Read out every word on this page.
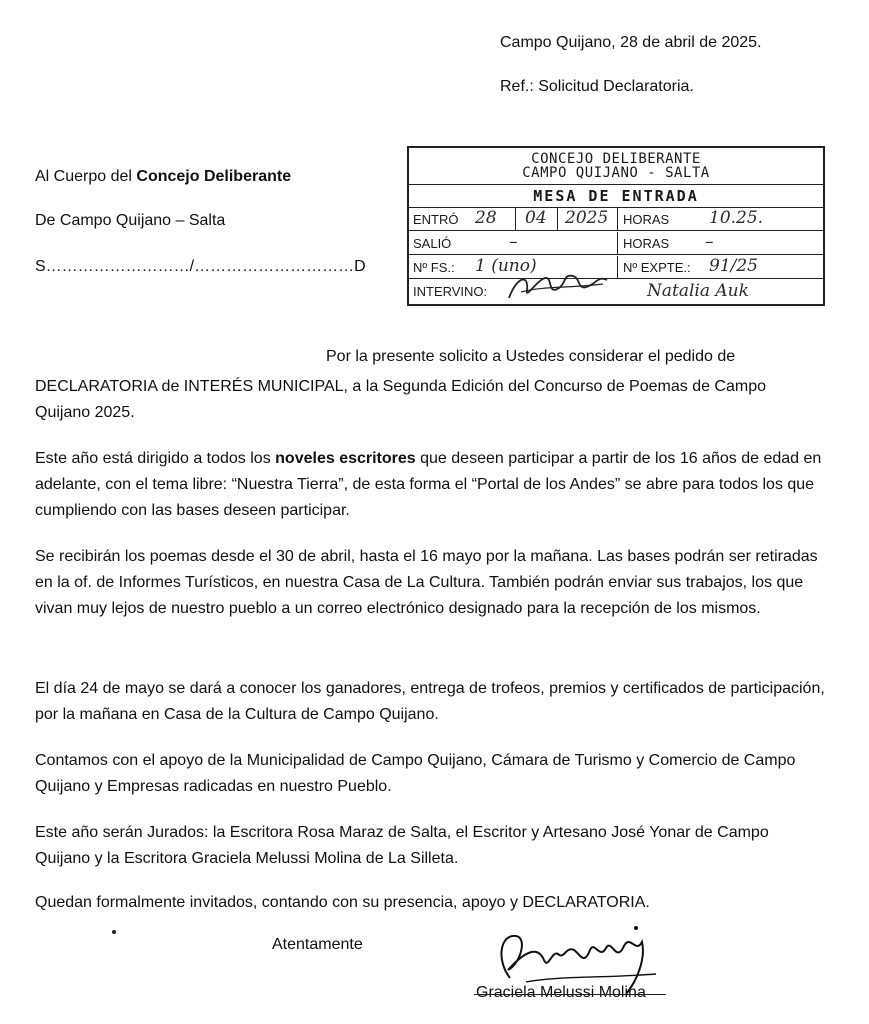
Campo Quijano, 28 de abril de 2025.
Ref.: Solicitud Declaratoria.
Al Cuerpo del Concejo Deliberante
De Campo Quijano – Salta
S………………………/…………………………D
CONCEJO DELIBERANTE
CAMPO QUIJANO - SALTA
MESA DE ENTRADA
ENTRÓ 28 04 2025 HORAS 10.25.
SALIÓ	–	HORAS –
Nº FS.: 1 (uno)	Nº EXPTE.: 91/25
INTERVINO:	Natalia Auk
Por la presente solicito a Ustedes considerar el pedido de
DECLARATORIA de INTERÉS MUNICIPAL, a la Segunda Edición del Concurso de Poemas de Campo Quijano 2025.
Este año está dirigido a todos los noveles escritores que deseen participar a partir de los 16 años de edad en adelante, con el tema libre: “Nuestra Tierra”, de esta forma el “Portal de los Andes” se abre para todos los que cumpliendo con las bases deseen participar.
Se recibirán los poemas desde el 30 de abril, hasta el 16 mayo por la mañana. Las bases podrán ser retiradas en la of. de Informes Turísticos, en nuestra Casa de La Cultura. También podrán enviar sus trabajos, los que vivan muy lejos de nuestro pueblo a un correo electrónico designado para la recepción de los mismos.
El día 24 de mayo se dará a conocer los ganadores, entrega de trofeos, premios y certificados de participación, por la mañana en Casa de la Cultura de Campo Quijano.
Contamos con el apoyo de la Municipalidad de Campo Quijano, Cámara de Turismo y Comercio de Campo Quijano y Empresas radicadas en nuestro Pueblo.
Este año serán Jurados: la Escritora Rosa Maraz de Salta, el Escritor y Artesano José Yonar de Campo Quijano y la Escritora Graciela Melussi Molina de La Silleta.
Quedan formalmente invitados, contando con su presencia, apoyo y DECLARATORIA.
Atentamente
Graciela Melussi Molina
